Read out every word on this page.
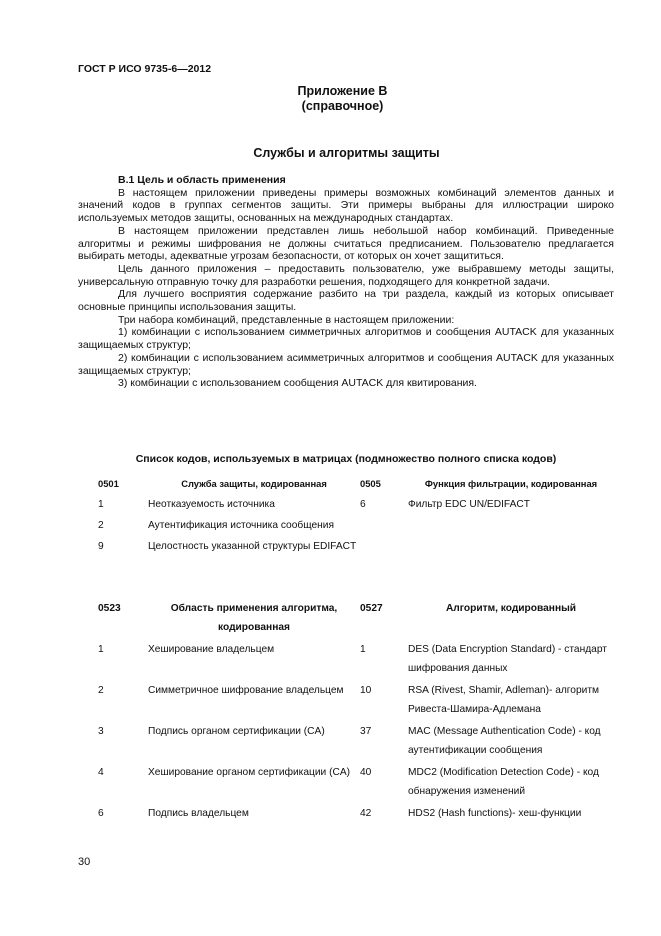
ГОСТ Р ИСО 9735-6—2012
Приложение В
(справочное)
Службы и алгоритмы защиты

В.1 Цель и область применения

В настоящем приложении приведены примеры возможных комбинаций элементов данных и значений кодов в группах сегментов защиты. Эти примеры выбраны для иллюстрации широко используемых методов защиты, основанных на международных стандартах.

В настоящем приложении представлен лишь небольшой набор комбинаций. Приведенные алгоритмы и режимы шифрования не должны считаться предписанием. Пользователю предлагается выбирать методы, адекватные угрозам безопасности, от которых он хочет защититься.

Цель данного приложения – предоставить пользователю, уже выбравшему методы защиты, универсальную отправную точку для разработки решения, подходящего для конкретной задачи.

Для лучшего восприятия содержание разбито на три раздела, каждый из которых описывает основные принципы использования защиты.

Три набора комбинаций, представленные в настоящем приложении:

1) комбинации с использованием симметричных алгоритмов и сообщения AUTACK для указанных защищаемых структур;

2) комбинации с использованием асимметричных алгоритмов и сообщения AUTACK для указанных защищаемых структур;

3) комбинации с использованием сообщения AUTACK для квитирования.

Список кодов, используемых в матрицах (подмножество полного списка кодов)
0501	Служба защиты, кодированная	0505	Функция фильтрации, кодированная
1	Неотказуемость источника	6	Фильтр EDC UN/EDIFACT
2	Аутентификация источника сообщения		
9	Целостность указанной структуры EDIFACT		
0523	Область применения алгоритма, кодированная	0527	Алгоритм, кодированный
1	Хеширование владельцем	1	DES (Data Encryption Standard) - стандарт шифрования данных
2	Симметричное шифрование владельцем	10	RSA (Rivest, Shamir, Adleman)- алгоритм Ривеста-Шамира-Адлемана
3	Подпись органом сертификации (CA)	37	MAC (Message Authentication Code) - код аутентификации сообщения
4	Хеширование органом сертификации (CA)	40	MDC2 (Modification Detection Code) - код обнаружения изменений
6	Подпись владельцем	42	HDS2 (Hash functions)- хеш-функции
30
